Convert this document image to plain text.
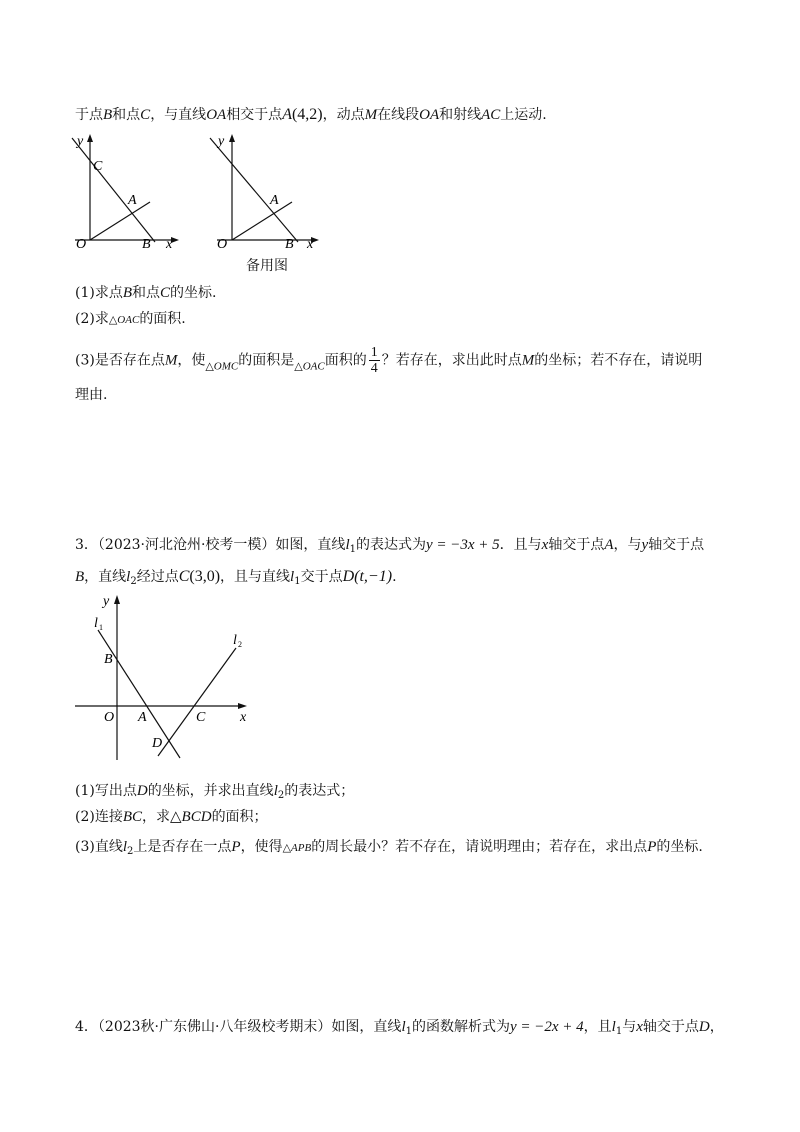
于点B和点C，与直线OA相交于点A(4,2)，动点M在线段OA和射线AC上运动.
y
C
A
O	B x
y
A
O	B x
备用图
(1)求点B和点C的坐标.
(2)求△OAC的面积.
(3)是否存在点M，使$_{\triangle OMC}$的面积是$_{\triangle OAC}$面积的 $\frac{1}{4}$ ？若存在，求出此时点M的坐标；若不存在，请说明
理由.
3．（2023·河北沧州·校考一模）如图，直线$l_1$的表达式为y = −3x + 5．且与x轴交于点A，与y轴交于点
B，直线$l_2$经过点C(3,0)，且与直线$l_1$交于点D(t,−1).
y
l 1
l 2
B
O A	C
D
x
(1)写出点D的坐标，并求出直线$l_2$的表达式；
(2)连接BC，求△BCD的面积；
(3)直线$l_2$上是否存在一点P，使得△APB的周长最小？若不存在，请说明理由；若存在，求出点P的坐标.
4．（2023秋·广东佛山·八年级校考期末）如图，直线$l_1$的函数解析式为y = −2x + 4，且$l_1$与x轴交于点D，
